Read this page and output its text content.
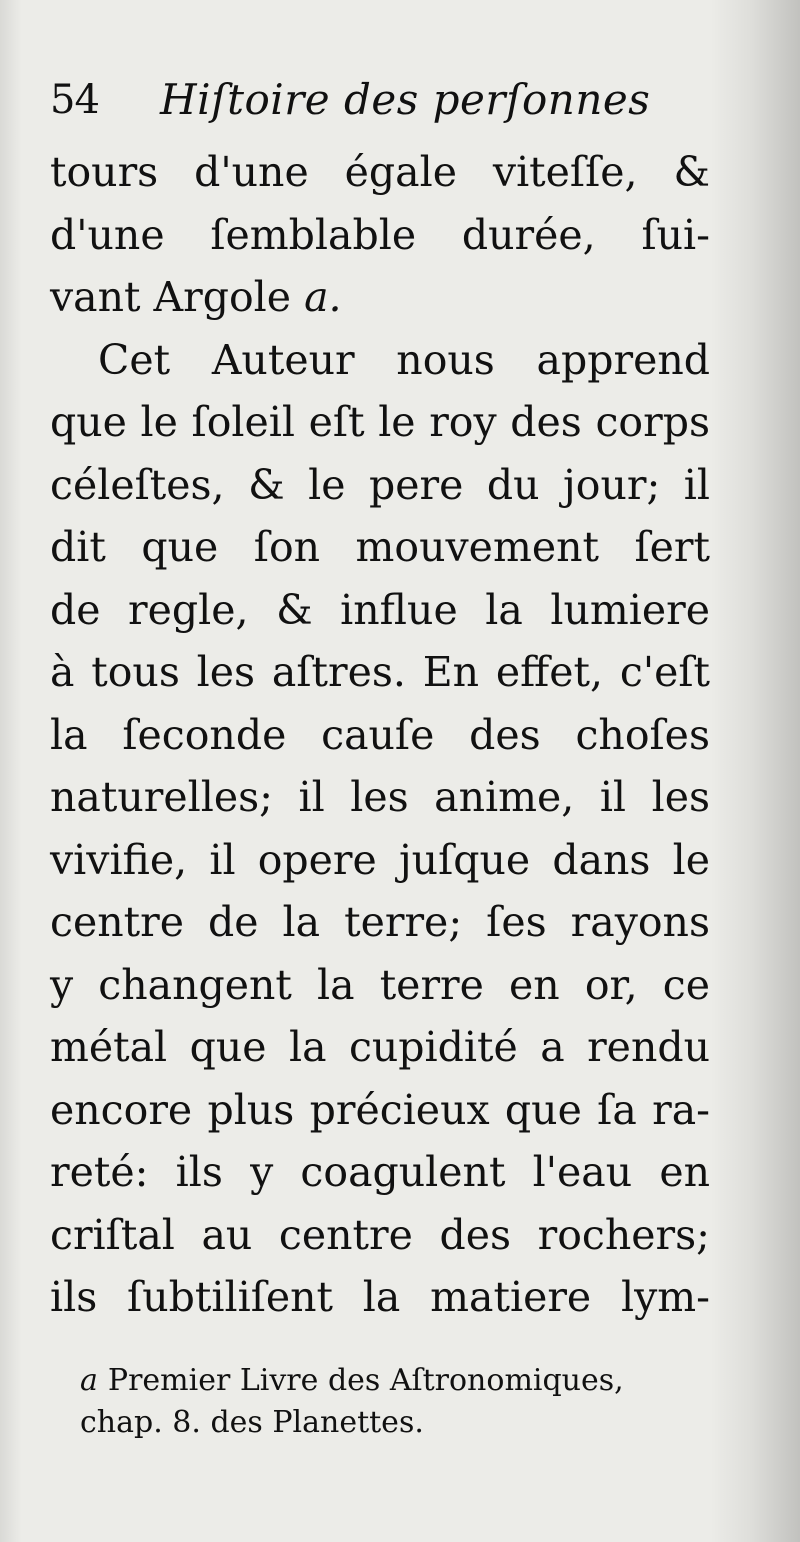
54 Hiſtoire des perſonnes
tours d'une égale viteſſe, &
d'une ſemblable durée, ſui-
vant Argole a.
Cet Auteur nous apprend
que le ſoleil eſt le roy des corps
céleſtes, & le pere du jour; il
dit que ſon mouvement ſert
de regle, & influe la lumiere
à tous les aſtres. En effet, c'eſt
la ſeconde cauſe des choſes
naturelles; il les anime, il les
vivifie, il opere juſque dans le
centre de la terre; ſes rayons
y changent la terre en or, ce
métal que la cupidité a rendu
encore plus précieux que ſa ra-
reté: ils y coagulent l'eau en
criſtal au centre des rochers;
ils ſubtiliſent la matiere lym-
a Premier Livre des Aſtronomiques,
chap. 8. des Planettes.
